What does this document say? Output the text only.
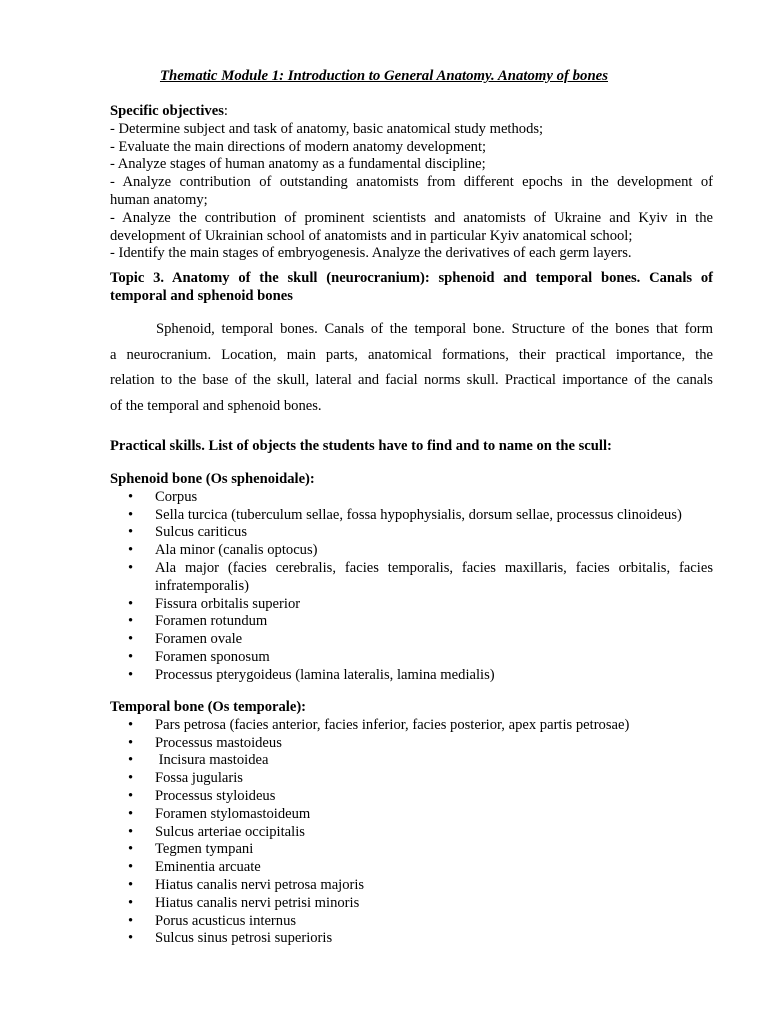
Thematic Module 1: Introduction to General Anatomy. Anatomy of bones
Specific objectives:
- Determine subject and task of anatomy, basic anatomical study methods;
- Evaluate the main directions of modern anatomy development;
- Analyze stages of human anatomy as a fundamental discipline;
- Analyze contribution of outstanding anatomists from different epochs in the development of
human anatomy;
- Analyze the contribution of prominent scientists and anatomists of Ukraine and Kyiv in the
development of Ukrainian school of anatomists and in particular Kyiv anatomical school;
- Identify the main stages of embryogenesis. Analyze the derivatives of each germ layers.
Topic 3. Anatomy of the skull (neurocranium): sphenoid and temporal bones. Canals of
temporal and sphenoid bones
Sphenoid, temporal bones. Canals of the temporal bone. Structure of the bones that form
a neurocranium. Location, main parts, anatomical formations, their practical importance, the
relation to the base of the skull, lateral and facial norms skull. Practical importance of the canals
of the temporal and sphenoid bones.
Practical skills. List of objects the students have to find and to name on the scull:
Sphenoid bone (Os sphenoidale):
• Corpus
• Sella turcica (tuberculum sellae, fossa hypophysialis, dorsum sellae, processus clinoideus)
• Sulcus cariticus
• Ala minor (canalis optocus)
• Ala major (facies cerebralis, facies temporalis, facies maxillaris, facies orbitalis, facies
infratemporalis)
• Fissura orbitalis superior
• Foramen rotundum
• Foramen ovale
• Foramen sponosum
• Processus pterygoideus (lamina lateralis, lamina medialis)
Temporal bone (Os temporale):
• Pars petrosa (facies anterior, facies inferior, facies posterior, apex partis petrosae)
• Processus mastoideus
•  Incisura mastoidea
• Fossa jugularis
• Processus styloideus
• Foramen stylomastoideum
• Sulcus arteriae occipitalis
• Tegmen tympani
• Eminentia arcuate
• Hiatus canalis nervi petrosa majoris
• Hiatus canalis nervi petrisi minoris
• Porus acusticus internus
• Sulcus sinus petrosi superioris
